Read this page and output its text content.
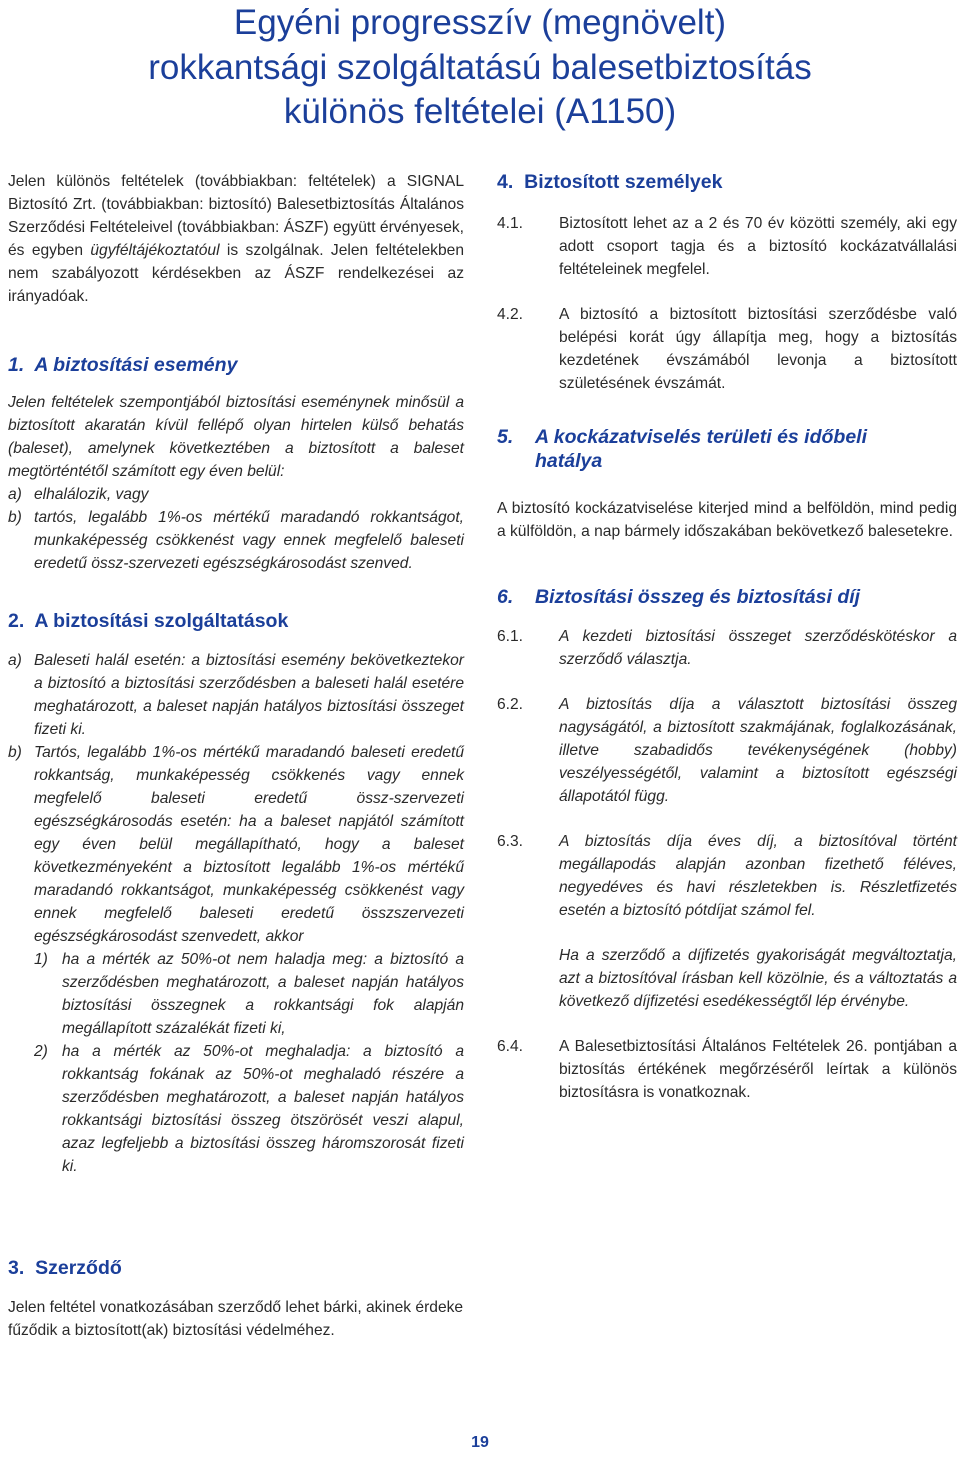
Egyéni progresszív (megnövelt)
rokkantsági szolgáltatású balesetbiztosítás
különös feltételei (A1150)

Jelen különös feltételek (továbbiakban: feltételek) a SIGNAL Biztosító Zrt. (továbbiakban: biztosító) Balesetbiztosítás Általános Szerződési Feltételeivel (továbbiakban: ÁSZF) együtt érvényesek, és egyben ügyféltájékoztatóul is szolgálnak. Jelen feltételekben nem szabályozott kérdésekben az ÁSZF rendelkezései az irányadóak.

1. A biztosítási esemény

Jelen feltételek szempontjából biztosítási eseménynek minősül a biztosított akaratán kívül fellépő olyan hirtelen külső behatás (baleset), amelynek következtében a biztosított a baleset megtörténtétől számított egy éven belül:

a) elhalálozik, vagy
b) tartós, legalább 1%-os mértékű maradandó rokkantságot, munkaképesség csökkenést vagy ennek megfelelő baleseti eredetű össz-szervezeti egészségkárosodást szenved.
2. A biztosítási szolgáltatások
a) Baleseti halál esetén: a biztosítási esemény bekövetkeztekor a biztosító a biztosítási szerződésben a baleseti halál esetére meghatározott, a baleset napján hatályos biztosítási összeget fizeti ki.
b) Tartós, legalább 1%-os mértékű maradandó baleseti eredetű rokkantság, munkaképesség csökkenés vagy ennek megfelelő baleseti eredetű össz-szervezeti egészségkárosodás esetén: ha a baleset napjától számított egy éven belül megállapítható, hogy a baleset következményeként a biztosított legalább 1%-os mértékű maradandó rokkantságot, munkaképesség csökkenést vagy ennek megfelelő baleseti eredetű összszervezeti egészségkárosodást szenvedett, akkor
1) ha a mérték az 50%-ot nem haladja meg: a biztosító a szerződésben meghatározott, a baleset napján hatályos biztosítási összegnek a rokkantsági fok alapján megállapított százalékát fizeti ki,
2) ha a mérték az 50%-ot meghaladja: a biztosító a rokkantság fokának az 50%-ot meghaladó részére a szerződésben meghatározott, a baleset napján hatályos rokkantsági biztosítási összeg ötszörösét veszi alapul, azaz legfeljebb a biztosítási összeg háromszorosát fizeti ki.
3. Szerződő

Jelen feltétel vonatkozásában szerződő lehet bárki, akinek érdeke fűződik a biztosított(ak) biztosítási védelméhez.

4. Biztosított személyek
4.1.	Biztosított lehet az a 2 és 70 év közötti személy, aki egy adott csoport tagja és a biztosító kockázatvállalási feltételeinek megfelel.
4.2.	A biztosító a biztosított biztosítási szerződésbe való belépési korát úgy állapítja meg, hogy a biztosítás kezdetének évszámából levonja a biztosított születésének évszámát.
5.	A kockázatviselés területi és időbeli
hatálya

A biztosító kockázatviselése kiterjed mind a belföldön, mind pedig a külföldön, a nap bármely időszakában bekövetkező balesetekre.

6.	Biztosítási összeg és biztosítási díj
6.1.	A kezdeti biztosítási összeget szerződéskötéskor a szerződő választja.
6.2.	A biztosítás díja a választott biztosítási összeg nagyságától, a biztosított szakmájának, foglalkozásának, illetve szabadidős tevékenységének (hobby) veszélyességétől, valamint a biztosított egészségi állapotától függ.
6.3.	A biztosítás díja éves díj, a biztosítóval történt megállapodás alapján azonban fizethető féléves, negyedéves és havi részletekben is. Részletfizetés esetén a biztosító pótdíjat számol fel.
Ha a szerződő a díjfizetés gyakoriságát megváltoztatja, azt a biztosítóval írásban kell közölnie, és a változtatás a következő díjfizetési esedékességtől lép érvénybe.
6.4.	A Balesetbiztosítási Általános Feltételek 26. pontjában a biztosítás értékének megőrzéséről leírtak a különös biztosításra is vonatkoznak.
19
